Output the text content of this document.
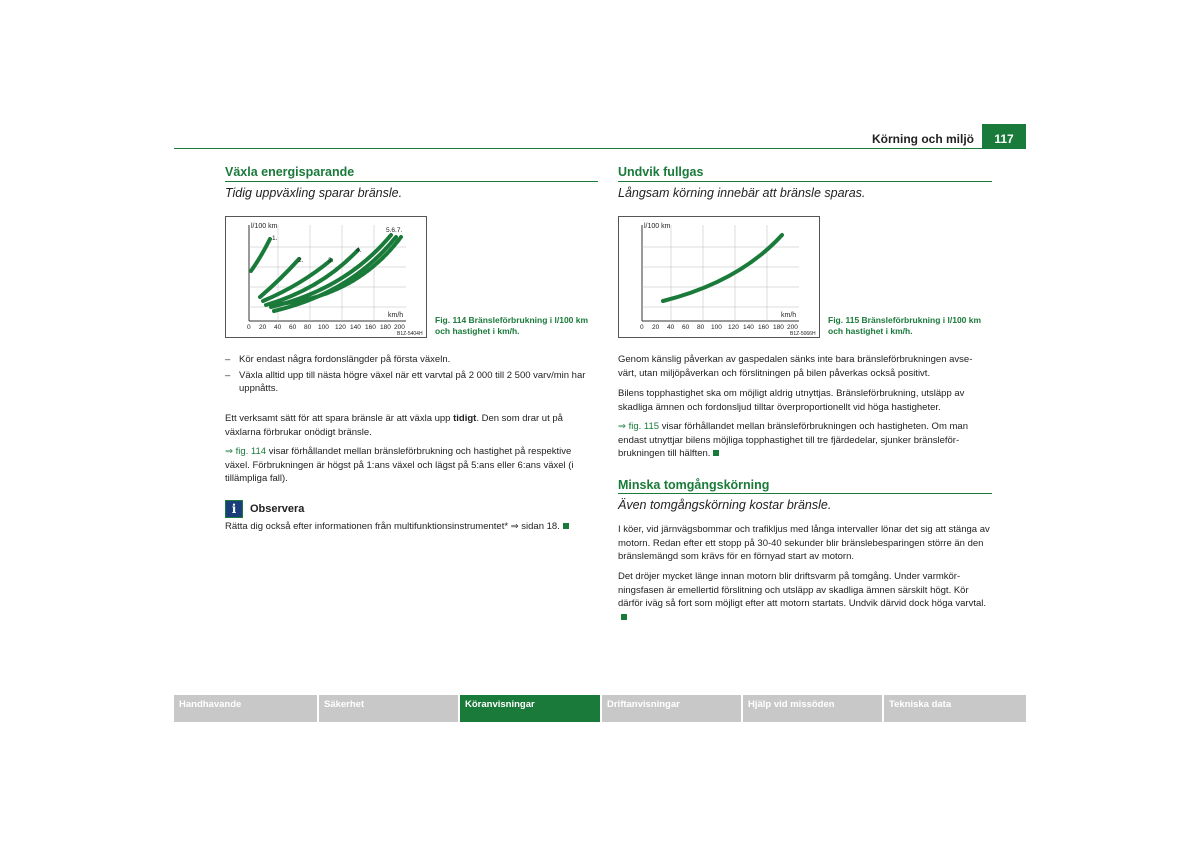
Körning och miljö	117
Växla energisparande
Tidig uppväxling sparar bränsle.
l/100 km
km/h
1.
2.	3.
4.
5.6.7.
0 20 40 60 80 100 120 140 160 180 200
B1Z-5404H
Fig. 114 Bränsleförbrukning i l/100 km och hastighet i km/h.
– Kör endast några fordonslängder på första växeln.
– Växla alltid upp till nästa högre växel när ett varvtal på 2 000 till 2 500 varv/min har uppnåtts.
Ett verksamt sätt för att spara bränsle är att växla upp tidigt. Den som drar ut på växlarna förbrukar onödigt bränsle.
⇒ fig. 114 visar förhållandet mellan bränsleförbrukning och hastighet på respektive växel. Förbrukningen är högst på 1:ans växel och lägst på 5:ans eller 6:ans växel (i tillämpliga fall).
i	Observera
Rätta dig också efter informationen från multifunktionsinstrumentet* ⇒ sidan 18.
Undvik fullgas
Långsam körning innebär att bränsle sparas.
l/100 km
km/h
0 20 40 60 80 100 120 140 160 180 200
B1Z-5066H
Fig. 115 Bränsleförbrukning i l/100 km och hastighet i km/h.
Genom känslig påverkan av gaspedalen sänks inte bara bränsleförbrukningen avse-värt, utan miljöpåverkan och förslitningen på bilen påverkas också positivt.
Bilens topphastighet ska om möjligt aldrig utnyttjas. Bränsleförbrukning, utsläpp av skadliga ämnen och fordonsljud tilltar överproportionellt vid höga hastigheter.
⇒ fig. 115 visar förhållandet mellan bränsleförbrukningen och hastigheten. Om man endast utnyttjar bilens möjliga topphastighet till tre fjärdedelar, sjunker bränsleför-brukningen till hälften.
Minska tomgångskörning
Även tomgångskörning kostar bränsle.
I köer, vid järnvägsbommar och trafikljus med långa intervaller lönar det sig att stänga av motorn. Redan efter ett stopp på 30-40 sekunder blir bränslebesparingen större än den bränslemängd som krävs för en förnyad start av motorn.
Det dröjer mycket länge innan motorn blir driftsvarm på tomgång. Under varmkör-ningsfasen är emellertid förslitning och utsläpp av skadliga ämnen särskilt högt. Kör därför iväg så fort som möjligt efter att motorn startats. Undvik därvid dock höga varvtal.
Handhavande	Säkerhet	Köranvisningar	Driftanvisningar	Hjälp vid missöden	Tekniska data
